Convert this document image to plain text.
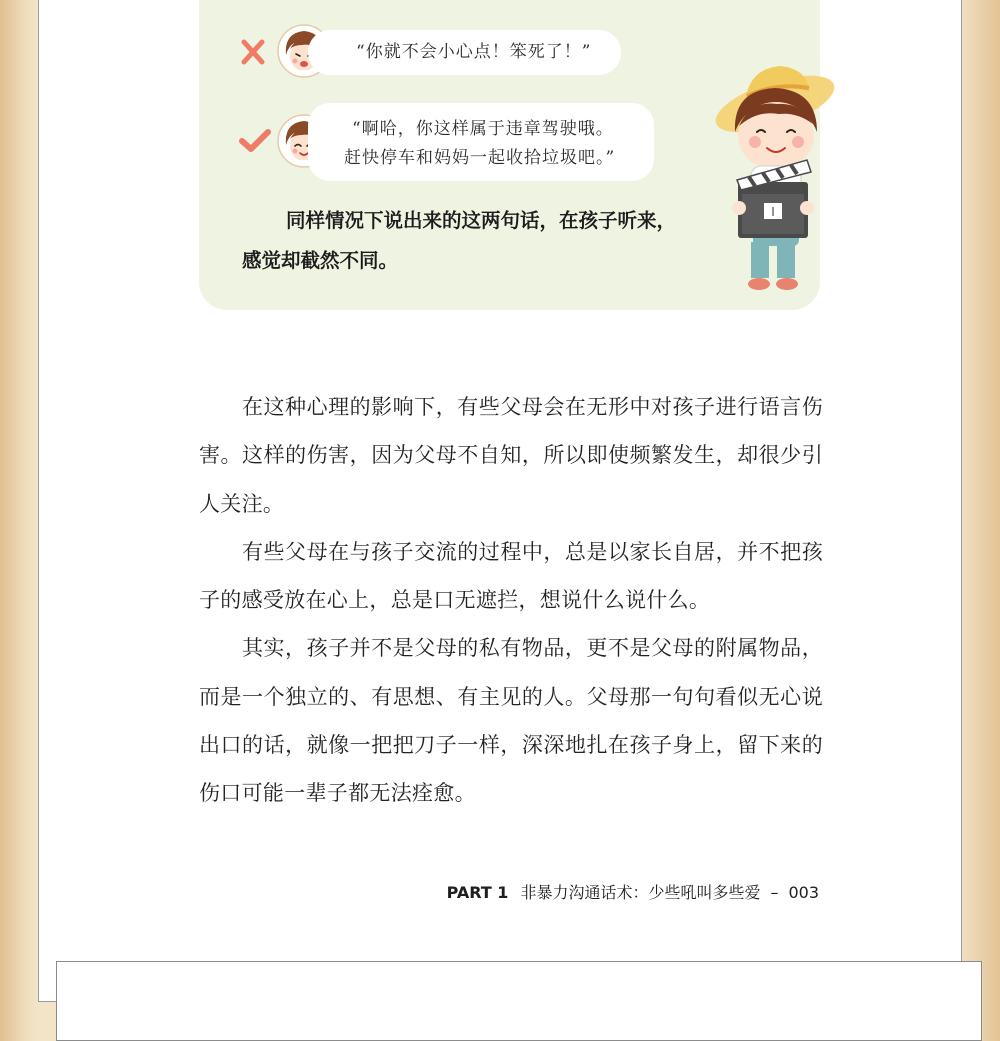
“你就不会小心点！笨死了！”
“啊哈，你这样属于违章驾驶哦。
赶快停车和妈妈一起收拾垃圾吧。”
同样情况下说出来的这两句话，在孩子听来，感觉却截然不同。
I

在这种心理的影响下，有些父母会在无形中对孩子进行语言伤害。这样的伤害，因为父母不自知，所以即使频繁发生，却很少引人关注。

有些父母在与孩子交流的过程中，总是以家长自居，并不把孩子的感受放在心上，总是口无遮拦，想说什么说什么。

其实，孩子并不是父母的私有物品，更不是父母的附属物品，而是一个独立的、有思想、有主见的人。父母那一句句看似无心说出口的话，就像一把把刀子一样，深深地扎在孩子身上，留下来的伤口可能一辈子都无法痊愈。

PART 1 非暴力沟通话术：少些吼叫多些爱 – 003
